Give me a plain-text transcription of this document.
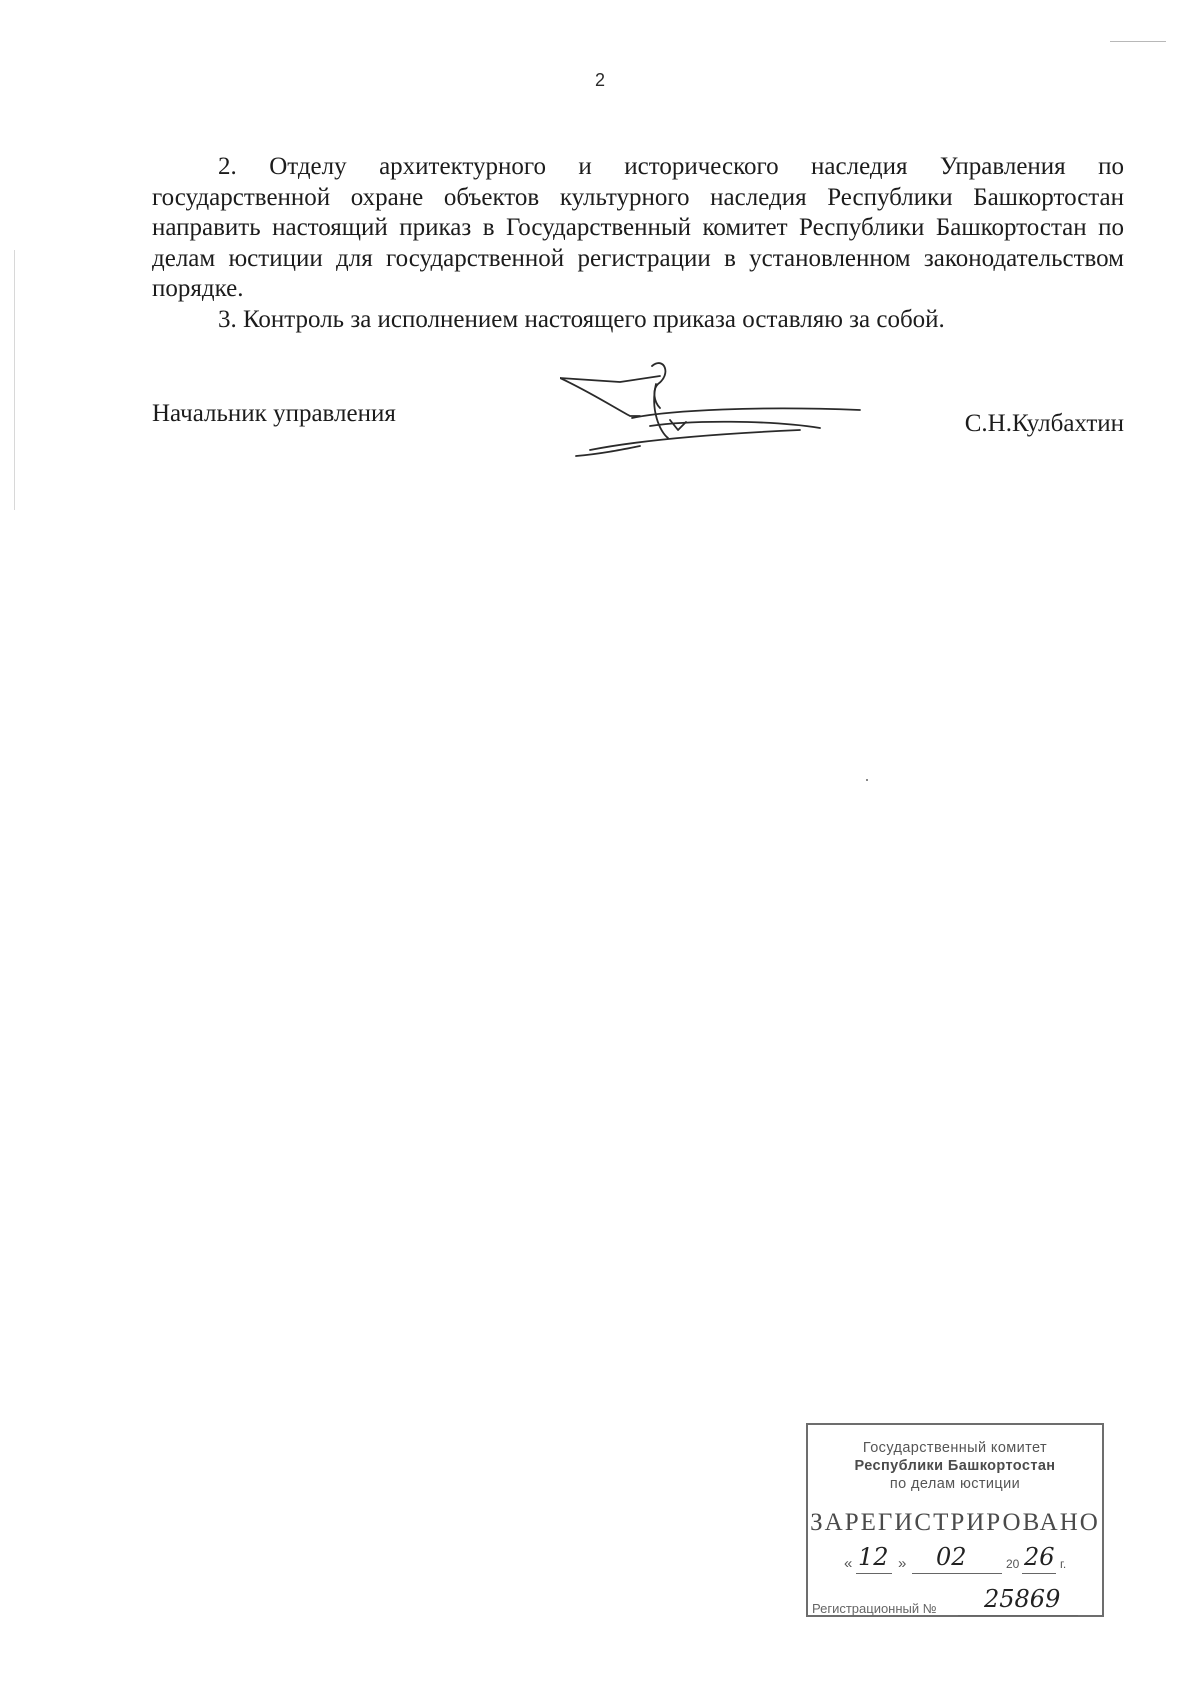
2

2. Отделу архитектурного и исторического наследия Управления по государственной охране объектов культурного наследия Республики Башкортостан направить настоящий приказ в Государственный комитет Республики Башкортостан по делам юстиции для государственной регистрации в установленном законодательством порядке.

3. Контроль за исполнением настоящего приказа оставляю за собой.

Начальник управления	С.Н.Кулбахтин
Государственный комитет
Республики Башкортостан
по делам юстиции
ЗАРЕГИСТРИРОВАНО
« 12 » 02	20 26 г.
Регистрационный № 25869
